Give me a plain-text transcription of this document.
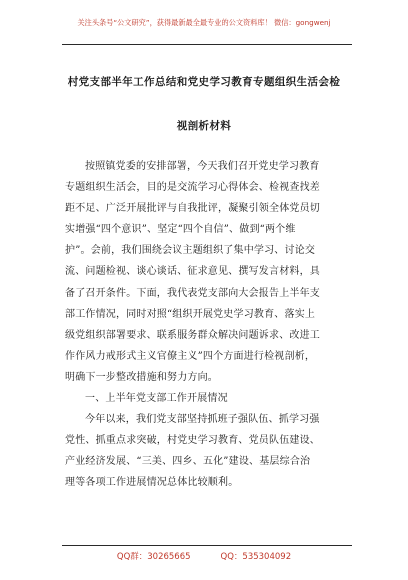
关注头条号“公文研究”，获得最新最全最专业的公文资料库！ 微信：gongwenj
村党支部半年工作总结和党史学习教育专题组织生活会检
视剖析材料

按照镇党委的安排部署，今天我们召开党史学习教育
专题组织生活会，目的是交流学习心得体会、检视查找差
距不足、广泛开展批评与自我批评，凝聚引领全体党员切
实增强“四个意识”、坚定“四个自信”、做到“两个维
护”。会前，我们围绕会议主题组织了集中学习、讨论交
流、问题检视、谈心谈话、征求意见、撰写发言材料，具
备了召开条件。下面，我代表党支部向大会报告上半年支
部工作情况，同时对照“组织开展党史学习教育、落实上
级党组织部署要求、联系服务群众解决问题诉求、改进工
作作风力戒形式主义官僚主义”四个方面进行检视剖析，
明确下一步整改措施和努力方向。

一、上半年党支部工作开展情况

今年以来，我们党支部坚持抓班子强队伍、抓学习强
党性、抓重点求突破，村党史学习教育、党员队伍建设、
产业经济发展、“三美、四乡、五化”建设、基层综合治
理等各项工作进展情况总体比较顺利。

QQ群：30265665	QQ：535304092
